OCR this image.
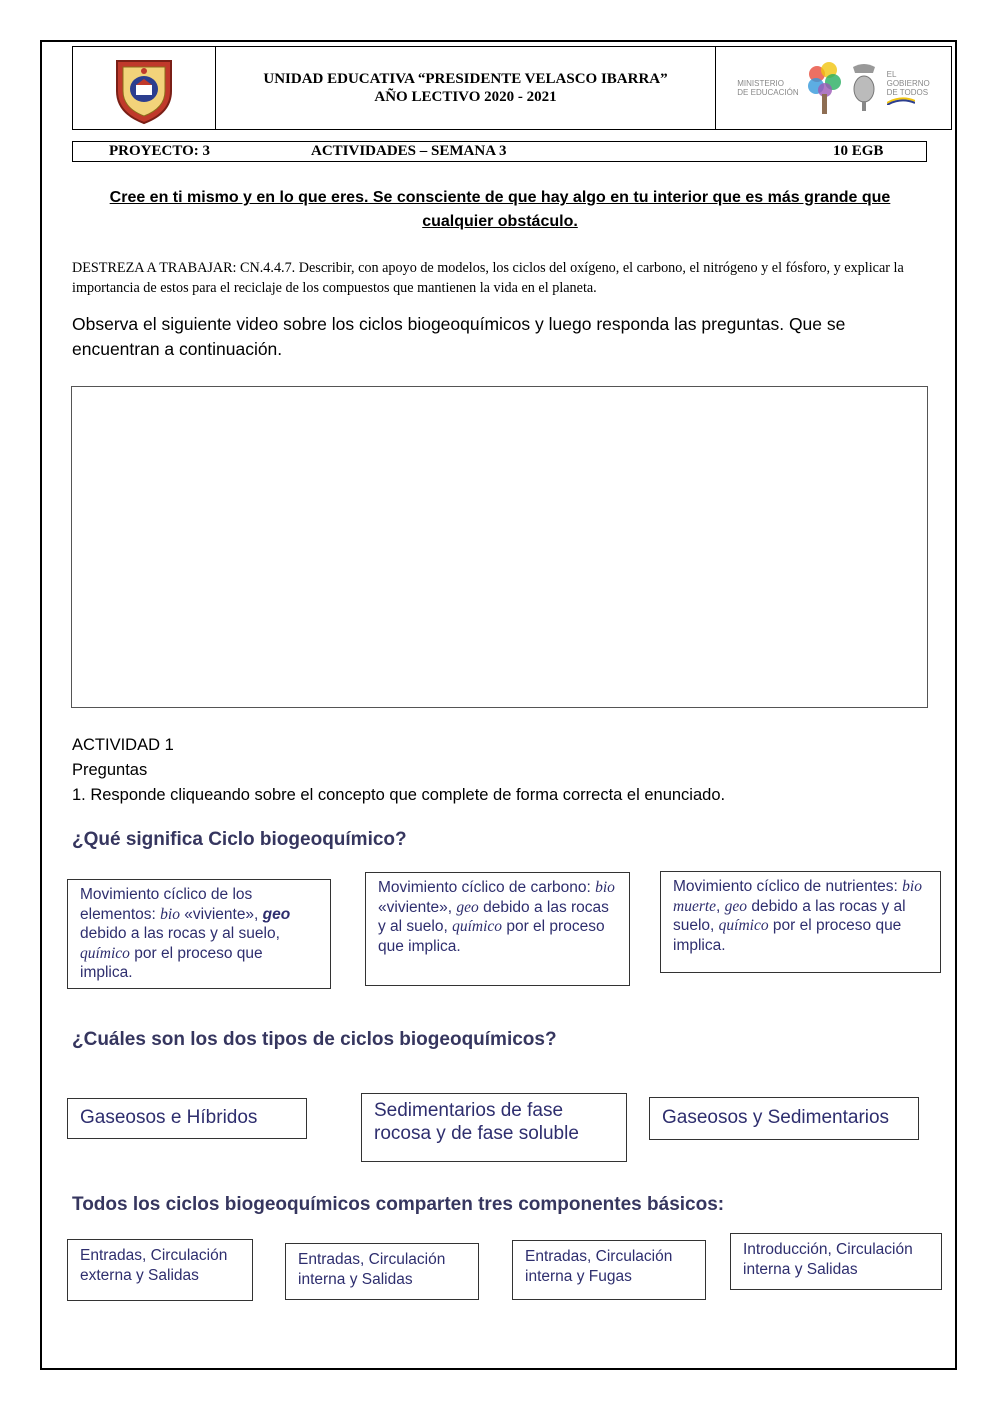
UNIDAD EDUCATIVA “PRESIDENTE VELASCO IBARRA”
AÑO LECTIVO 2020 - 2021
MINISTERIO
DE EDUCACIÓN
EL
GOBIERNO
DE TODOS
PROYECTO: 3	ACTIVIDADES – SEMANA 3	10 EGB
Cree en ti mismo y en lo que eres. Se consciente de que hay algo en tu interior que es más grande que cualquier obstáculo.
DESTREZA A TRABAJAR: CN.4.4.7. Describir, con apoyo de modelos, los ciclos del oxígeno, el carbono, el nitrógeno y el fósforo, y explicar la importancia de estos para el reciclaje de los compuestos que mantienen la vida en el planeta.
Observa el siguiente video sobre los ciclos biogeoquímicos y luego responda las preguntas. Que se encuentran a continuación.
ACTIVIDAD 1
Preguntas
1. Responde cliqueando sobre el concepto que complete de forma correcta el enunciado.
¿Qué significa Ciclo biogeoquímico?
Movimiento cíclico de los elementos: bio «viviente», geo debido a las rocas y al suelo, químico por el proceso que implica.
Movimiento cíclico de carbono: bio «viviente», geo debido a las rocas y al suelo, químico por el proceso que implica.
Movimiento cíclico de nutrientes: bio muerte, geo debido a las rocas y al suelo, químico por el proceso que implica.
¿Cuáles son los dos tipos de ciclos biogeoquímicos?
Gaseosos e Híbridos	Sedimentarios de fase rocosa y de fase soluble
Gaseosos y Sedimentarios
Todos los ciclos biogeoquímicos comparten tres componentes básicos:
Entradas, Circulación externa y Salidas
Entradas, Circulación interna y Salidas
Entradas, Circulación interna y Fugas
Introducción, Circulación interna y Salidas
